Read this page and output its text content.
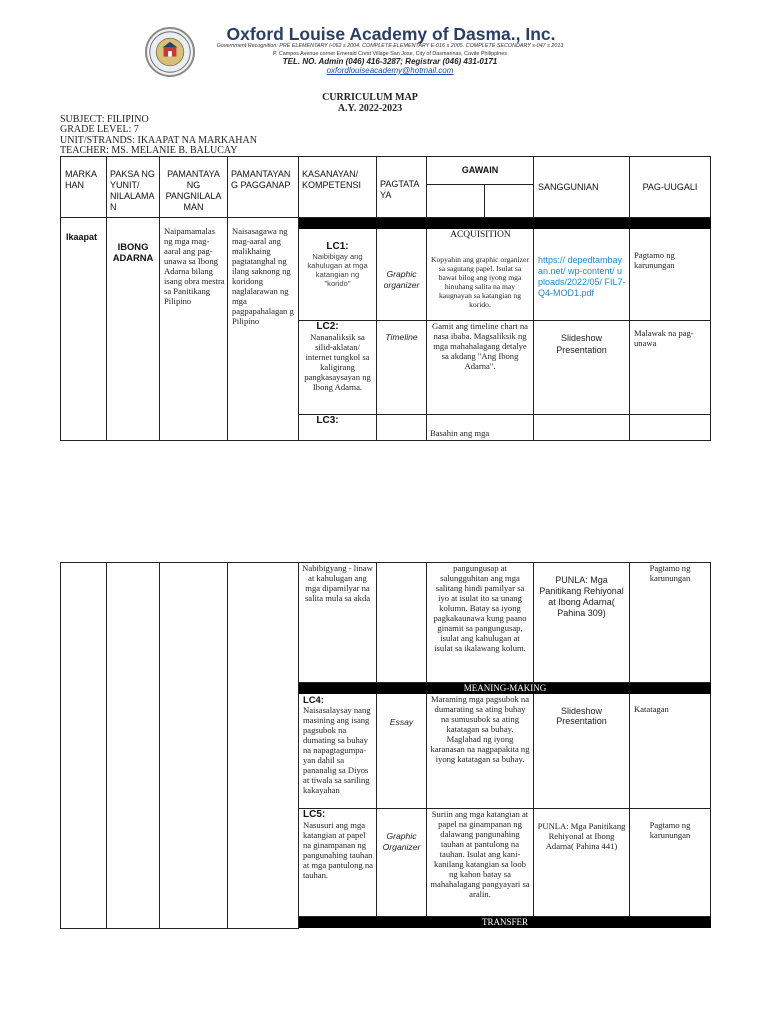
Oxford Louise Academy of Dasma., Inc.
Government Recognition: PRE ELEMENTARY I-062 s 2004. COMPLETE ELEMENTARY E-016 s 2005. COMPLETE SECONDARY s-047 s 2013
P. Campos Avenue corner Emerald Crest Village San Jose, City of Dasmarinas, Cavite Philippines
TEL. NO. Admin (046) 416-3287; Registrar (046) 431-0171
oxfordlouiseacademy@hotmail.com
CURRICULUM MAP
A.Y. 2022-2023
SUBJECT: FILIPINO
GRADE LEVEL: 7
UNIT/STRANDS: IKAAPAT NA MARKAHAN
TEACHER: MS. MELANIE B. BALUCAY
MARKA HAN
PAKSA NG YUNIT/ NILALAMA N
PAMANTAYA NG PANGNILALA MAN
PAMANTAYAN G PAGGANAP
KASANAYAN/ KOMPETENSI	PAGTATA YA
GAWAIN
SANGGUNIAN	PAG-UUGALI
Ikaapat
IBONG ADARNA
Naipamamalas ng mga mag-aaral ang pag-unawa sa Ibong Adarna bilang isang obra mestra sa Panitikang Pilipino
Naisasagawa ng mag-aaral ang malikhaing pagtatanghal ng ilang saknong ng koridong naglalarawan ng mga pagpapahalagan g Pilipino
ACQUISITION
LC1:
Naibibigay ang kahulugan at mga katangian ng "korido"
Graphic organizer
Kopyahin ang graphic organizer sa sagutang papel. Isulat sa bawat bilog ang iyong mga hinuhang salita na may kaugnayan sa katangian ng korido.
https:// depedtambayan.net/ wp-content/ uploads/2022/05/ FIL7-Q4-MOD1.pdf
Pagtamo ng karunungan
LC2:
Nananaliksik sa silid-aklatan/ internet tungkol sa kaligirang pangkasaysayan ng Ibong Adarna.
Timeline
Gamit ang timeline chart na nasa ibaba. Magsaliksik ng mga mahahalagang detalye sa akdang "Ang Ibong Adarna".
Slideshow Presentation
Malawak na pag-unawa
LC3:
Basahin ang mga
Nabibigyang - linaw at kahulugan ang mga dipamilyar na salita mula sa akda
pangungusap at salungguhitan ang mga salitang hindi pamilyar sa iyo at isulat ito sa unang kolumn. Batay sa iyong pagkakaunawa kung paano ginamit sa pangungusap, isulat ang kahulugan at isulat sa ikalawang kolum.
PUNLA: Mga Panitikang Rehiyonal at Ibong Adarna( Pahina 309)
Pagtamo ng karunungan
MEANING-MAKING
LC4:
Naisasalaysay nang masining ang isang pagsubok na dumating sa buhay na napagtagumpa-yan dahil sa pananalig sa Diyos at tiwala sa sariling kakayahan
Essay
Maraming mga pagsubok na dumarating sa ating buhay na sumusubok sa ating katatagan sa buhay. Maglahad ng iyong karanasan na nagpapakita ng iyong katatagan sa buhay.
Slideshow Presentation
Katatagan
LC5:
Nasusuri ang mga katangian at papel na ginampanan ng pangunahing tauhan at mga pantulong na tauhan.
Graphic Organizer
Suriin ang mga katangian at papel na ginampanan ng dalawang pangunahing tauhan at pantulong na tauhan. Isulat ang kani-kanilang katangian sa loob ng kahon batay sa mahahalagang pangyayari sa aralin.
PUNLA: Mga Panitikang Rehiyonal at Ibong Adarna( Pahina 441)
Pagtamo ng karunungan
TRANSFER
